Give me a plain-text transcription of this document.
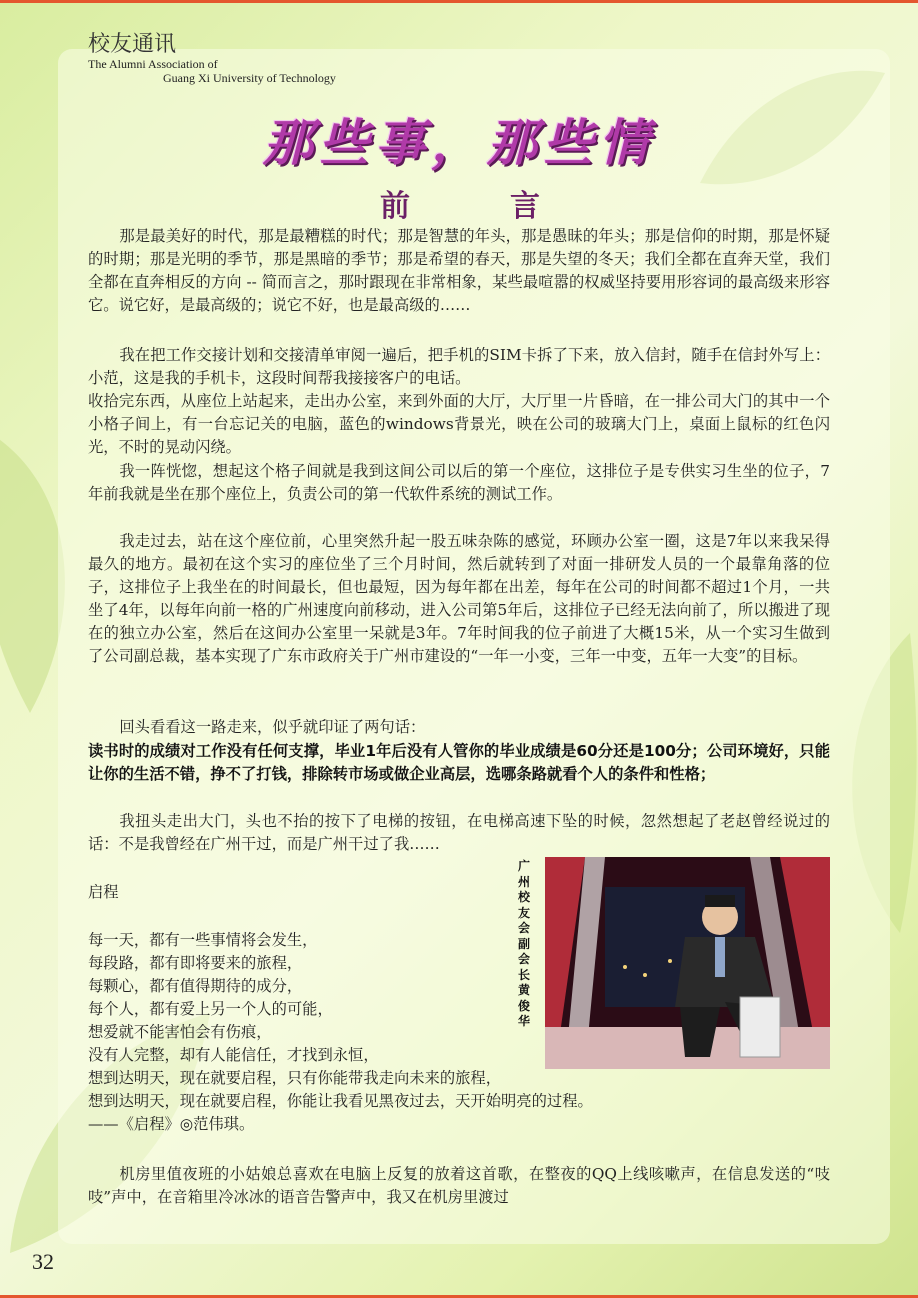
校友通讯
The Alumni Association of
Guang Xi University of Technology
那些事，那些情
前	言

那是最美好的时代，那是最糟糕的时代；那是智慧的年头，那是愚昧的年头；那是信仰的时期，那是怀疑的时期；那是光明的季节，那是黑暗的季节；那是希望的春天，那是失望的冬天；我们全都在直奔天堂，我们全都在直奔相反的方向 -- 简而言之，那时跟现在非常相象，某些最喧嚣的权威坚持要用形容词的最高级来形容它。说它好，是最高级的；说它不好，也是最高级的……

我在把工作交接计划和交接清单审阅一遍后，把手机的SIM卡拆了下来，放入信封，随手在信封外写上：小范，这是我的手机卡，这段时间帮我接接客户的电话。

收拾完东西，从座位上站起来，走出办公室，来到外面的大厅，大厅里一片昏暗，在一排公司大门的其中一个小格子间上，有一台忘记关的电脑，蓝色的windows背景光，映在公司的玻璃大门上，桌面上鼠标的红色闪光，不时的晃动闪绕。

我一阵恍惚，想起这个格子间就是我到这间公司以后的第一个座位，这排位子是专供实习生坐的位子，7年前我就是坐在那个座位上，负责公司的第一代软件系统的测试工作。

我走过去，站在这个座位前，心里突然升起一股五味杂陈的感觉，环顾办公室一圈，这是7年以来我呆得最久的地方。最初在这个实习的座位坐了三个月时间，然后就转到了对面一排研发人员的一个最靠角落的位子，这排位子上我坐在的时间最长，但也最短，因为每年都在出差，每年在公司的时间都不超过1个月，一共坐了4年，以每年向前一格的广州速度向前移动，进入公司第5年后，这排位子已经无法向前了，所以搬进了现在的独立办公室，然后在这间办公室里一呆就是3年。7年时间我的位子前进了大概15米，从一个实习生做到了公司副总裁，基本实现了广东市政府关于广州市建设的“一年一小变，三年一中变，五年一大变”的目标。

回头看看这一路走来，似乎就印证了两句话：

读书时的成绩对工作没有任何支撑，毕业1年后没有人管你的毕业成绩是60分还是100分；公司环境好，只能让你的生活不错，挣不了打钱，排除转市场或做企业高层，选哪条路就看个人的条件和性格；

我扭头走出大门，头也不抬的按下了电梯的按钮，在电梯高速下坠的时候，忽然想起了老赵曾经说过的话：不是我曾经在广州干过，而是广州干过了我……

启程

每一天，都有一些事情将会发生，
每段路，都有即将要来的旅程，
每颗心，都有值得期待的成分，
每个人，都有爱上另一个人的可能，
想爱就不能害怕会有伤痕，
没有人完整，却有人能信任，才找到永恒，
想到达明天，现在就要启程，只有你能带我走向未来的旅程，
想到达明天，现在就要启程，你能让我看见黑夜过去，天开始明亮的过程。
——《启程》◎范伟琪。
广州校友会副会长黄俊华

机房里值夜班的小姑娘总喜欢在电脑上反复的放着这首歌，在整夜的QQ上线咳嗽声，在信息发送的“吱吱”声中，在音箱里冷冰冰的语音告警声中，我又在机房里渡过

32
